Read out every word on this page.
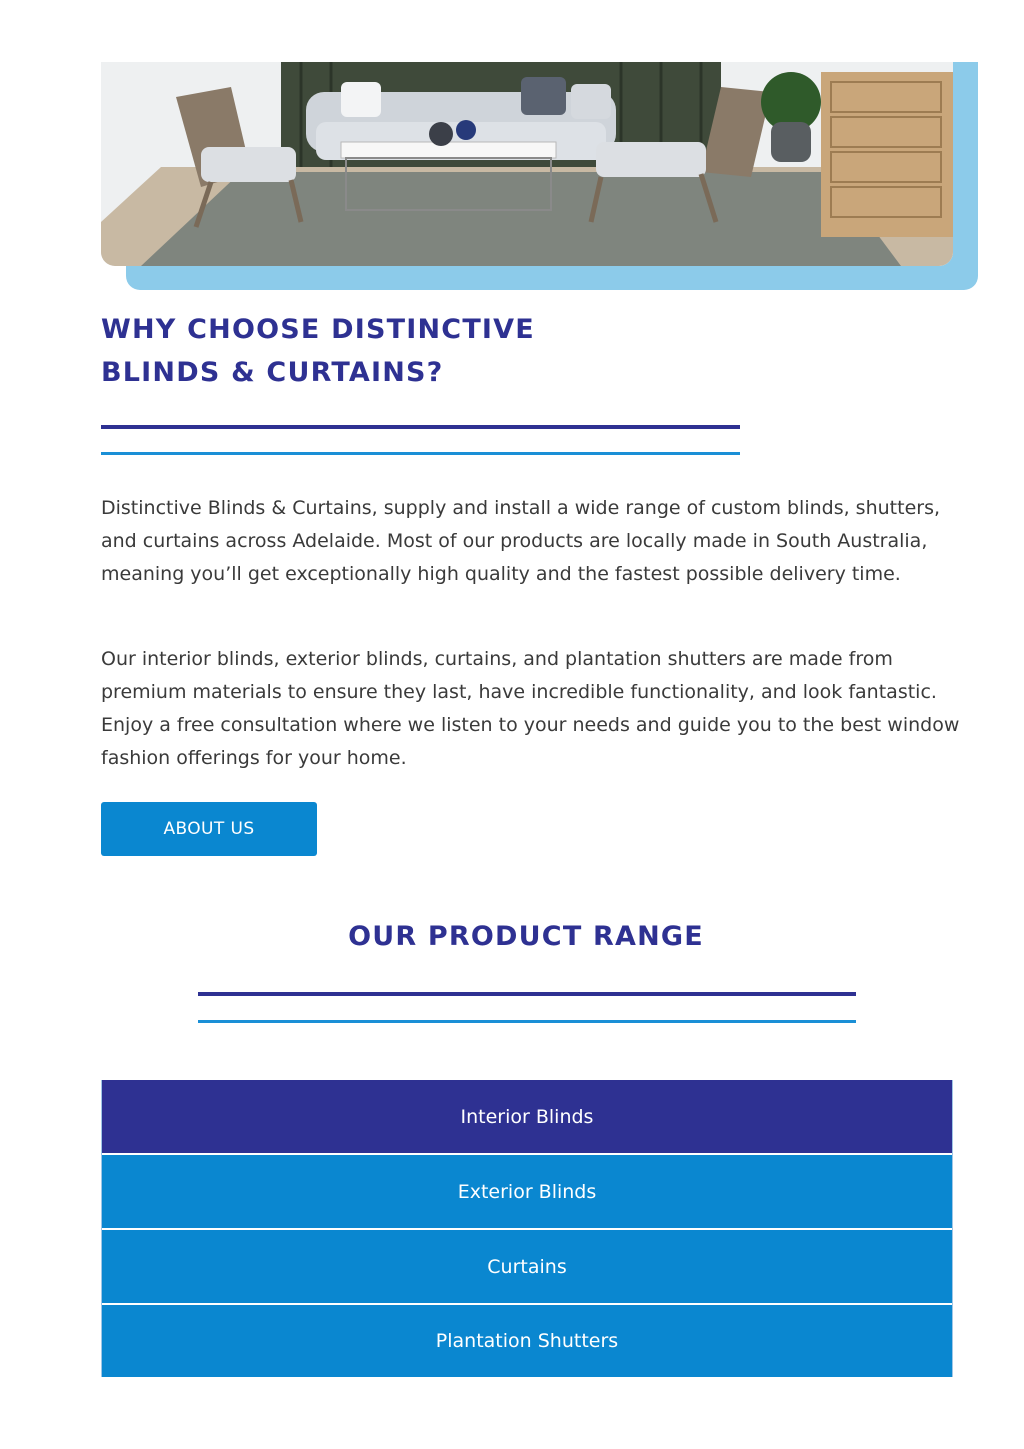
WHY CHOOSE DISTINCTIVE
BLINDS & CURTAINS?

Distinctive Blinds & Curtains, supply and install a wide range of custom blinds, shutters, and curtains across Adelaide. Most of our products are locally made in South Australia, meaning you’ll get exceptionally high quality and the fastest possible delivery time.

Our interior blinds, exterior blinds, curtains, and plantation shutters are made from premium materials to ensure they last, have incredible functionality, and look fantastic. Enjoy a free consultation where we listen to your needs and guide you to the best window fashion offerings for your home.

ABOUT US
OUR PRODUCT RANGE
Interior Blinds
Exterior Blinds
Curtains
Plantation Shutters
